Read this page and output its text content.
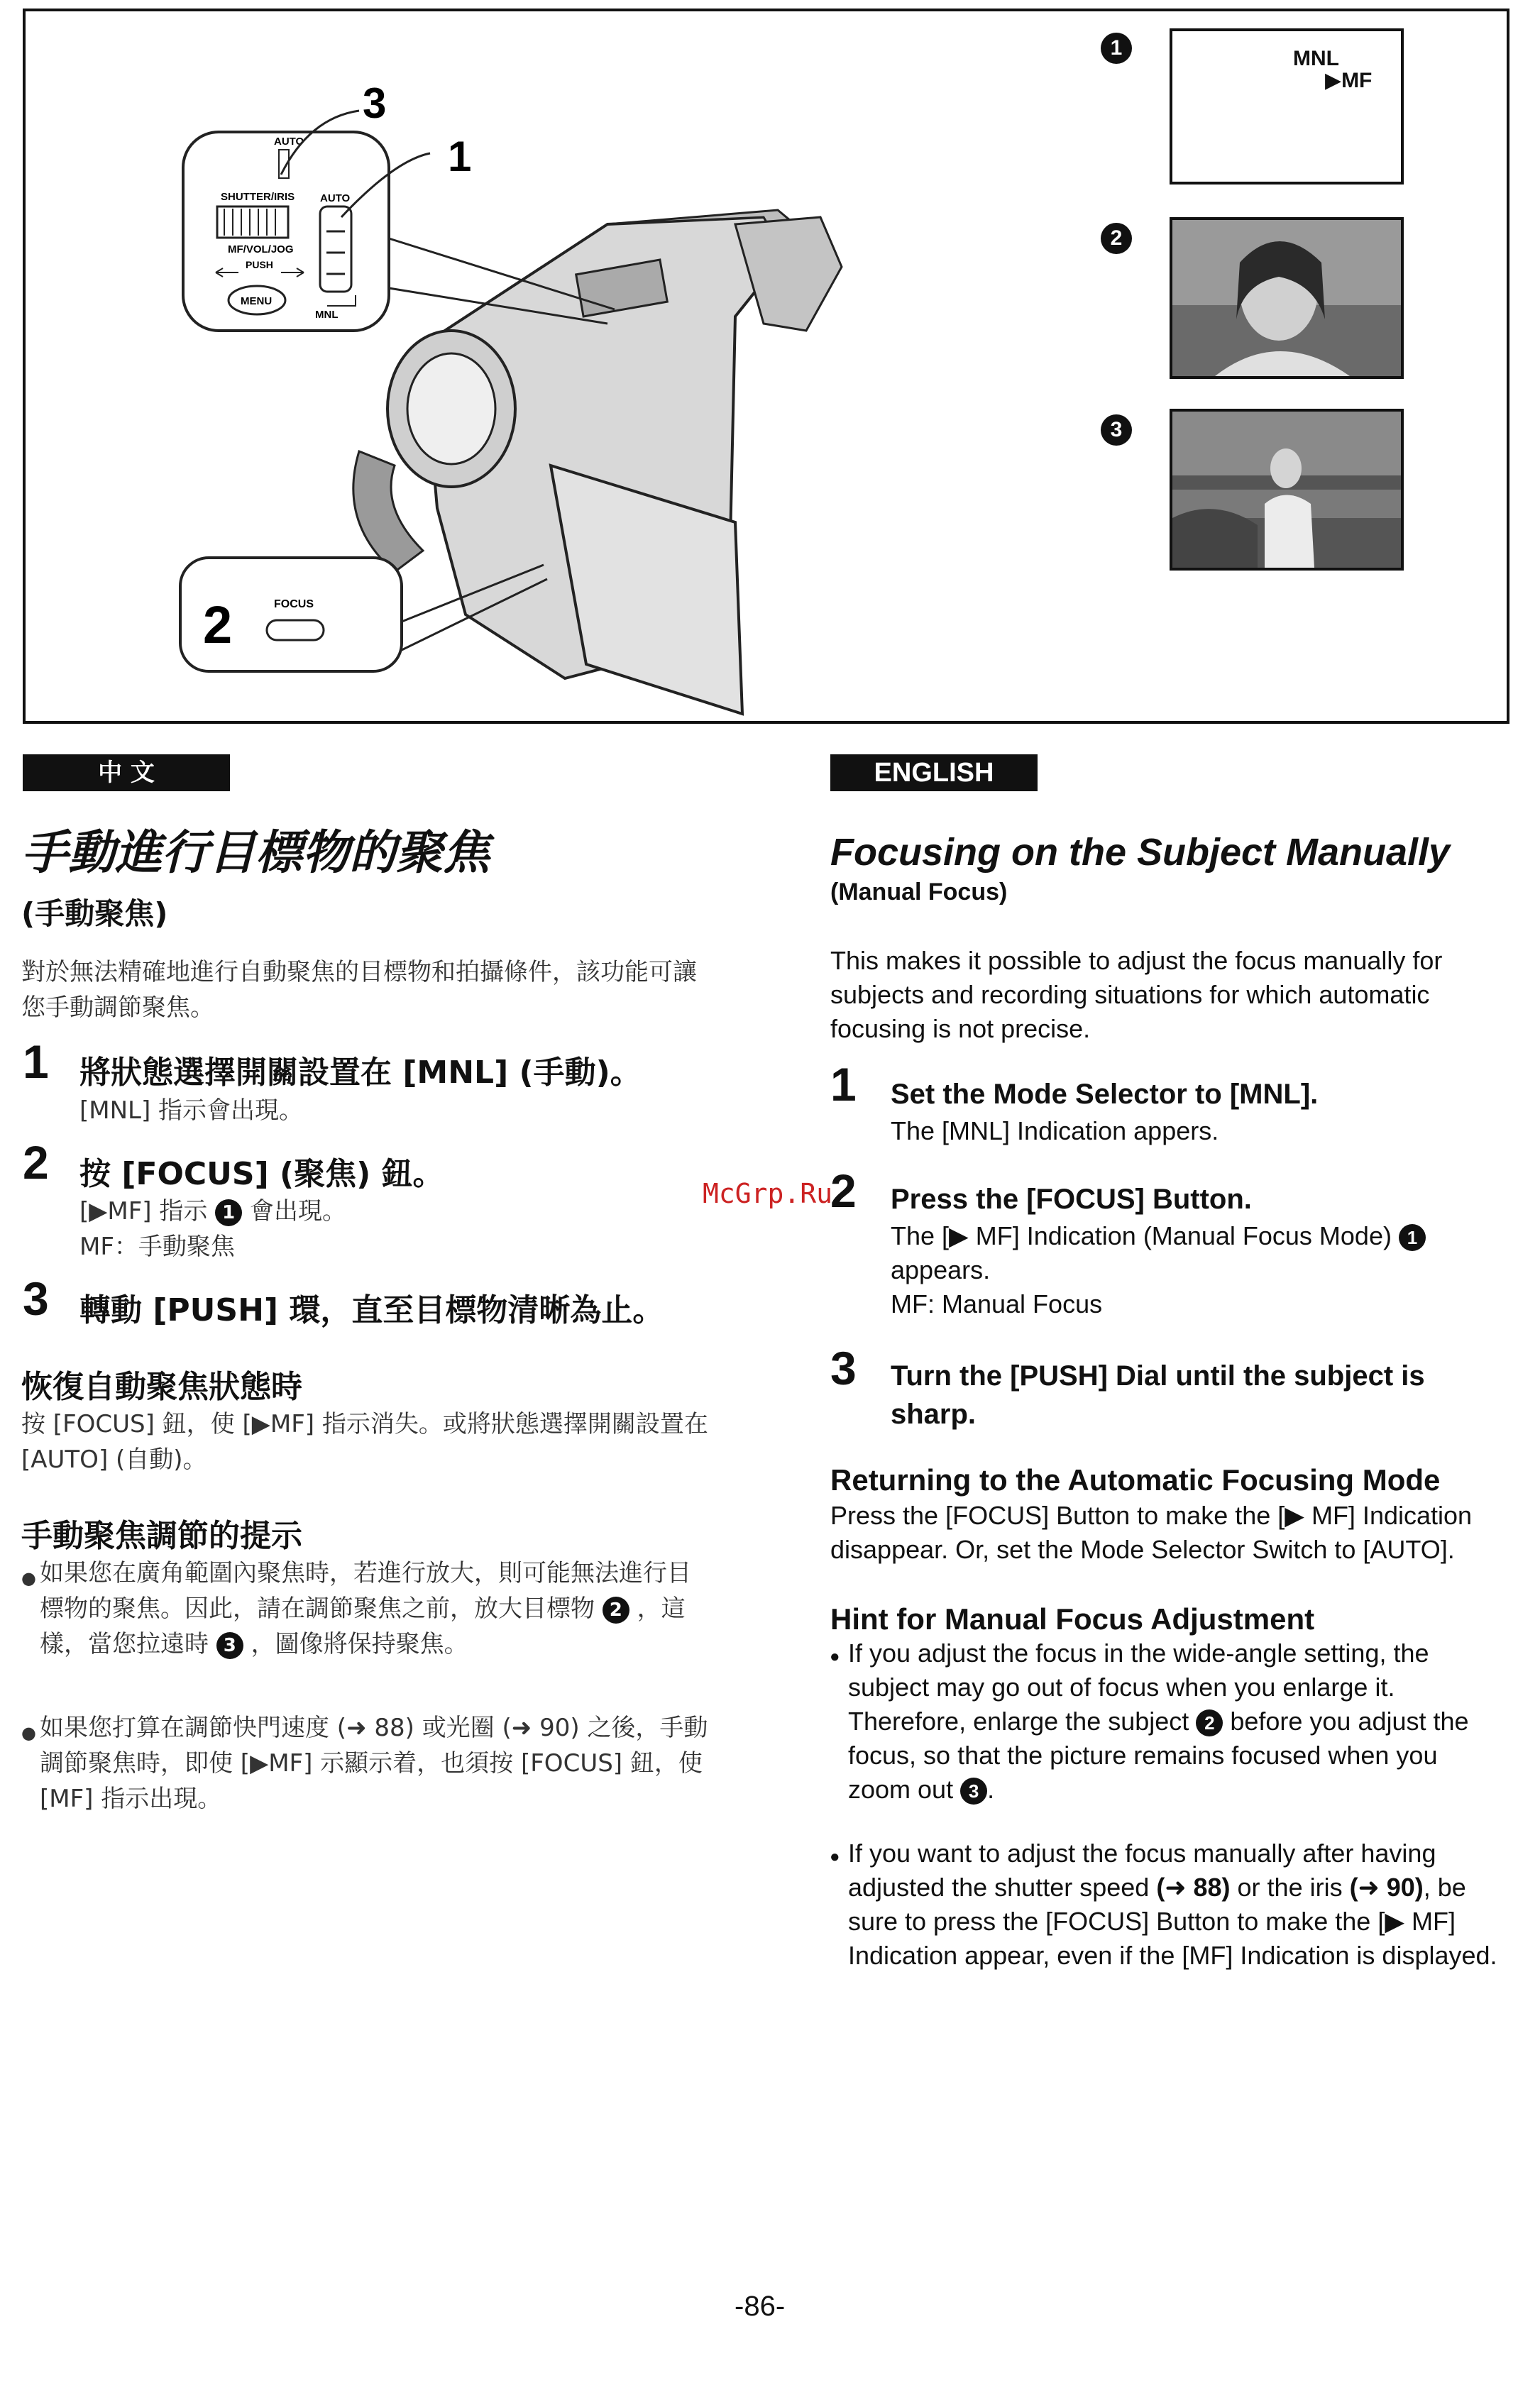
AUTO
SHUTTER/IRIS
MF/VOL/JOG
PUSH
MENU
AUTO
MNL
3
1
2	FOCUS
1	MNL
▶MF
2
3
中 文
手動進行目標物的聚焦
(手動聚焦)
對於無法精確地進行自動聚焦的目標物和拍攝條件，該功能可讓您手動調節聚焦。
1 將狀態選擇開關設置在 [MNL] (手動)。
[MNL] 指示會出現。
2 按 [FOCUS] (聚焦) 鈕。
[▶MF] 指示 1 會出現。
MF：手動聚焦
3 轉動 [PUSH] 環，直至目標物清晰為止。
恢復自動聚焦狀態時
按 [FOCUS] 鈕，使 [▶MF] 指示消失。或將狀態選擇開關設置在 [AUTO] (自動)。
手動聚焦調節的提示
如果您在廣角範圍內聚焦時，若進行放大，則可能無法進行目標物的聚焦。因此，請在調節聚焦之前，放大目標物 2 ，這樣，當您拉遠時 3 ，圖像將保持聚焦。
如果您打算在調節快門速度 (➜ 88) 或光圈 (➜ 90) 之後，手動調節聚焦時，即使 [▶MF] 示顯示着，也須按 [FOCUS] 鈕，使 [MF] 指示出現。
ENGLISH
Focusing on the Subject Manually
(Manual Focus)
This makes it possible to adjust the focus manually for subjects and recording situations for which automatic focusing is not precise.
1 Set the Mode Selector to [MNL].
The [MNL] Indication appers.
2 Press the [FOCUS] Button.
The [▶ MF] Indication (Manual Focus Mode) 1
appears.
MF: Manual Focus
3 Turn the [PUSH] Dial until the subject is sharp.
Returning to the Automatic Focusing Mode
Press the [FOCUS] Button to make the [▶ MF] Indication disappear. Or, set the Mode Selector Switch to [AUTO].
Hint for Manual Focus Adjustment
If you adjust the focus in the wide-angle setting, the subject may go out of focus when you enlarge it. Therefore, enlarge the subject 2 before you adjust the focus, so that the picture remains focused when you zoom out 3 .
If you want to adjust the focus manually after having adjusted the shutter speed (➜ 88) or the iris (➜ 90), be sure to press the [FOCUS] Button to make the [▶ MF] Indication appear, even if the [MF] Indication is displayed.
McGrp.Ru
-86-
